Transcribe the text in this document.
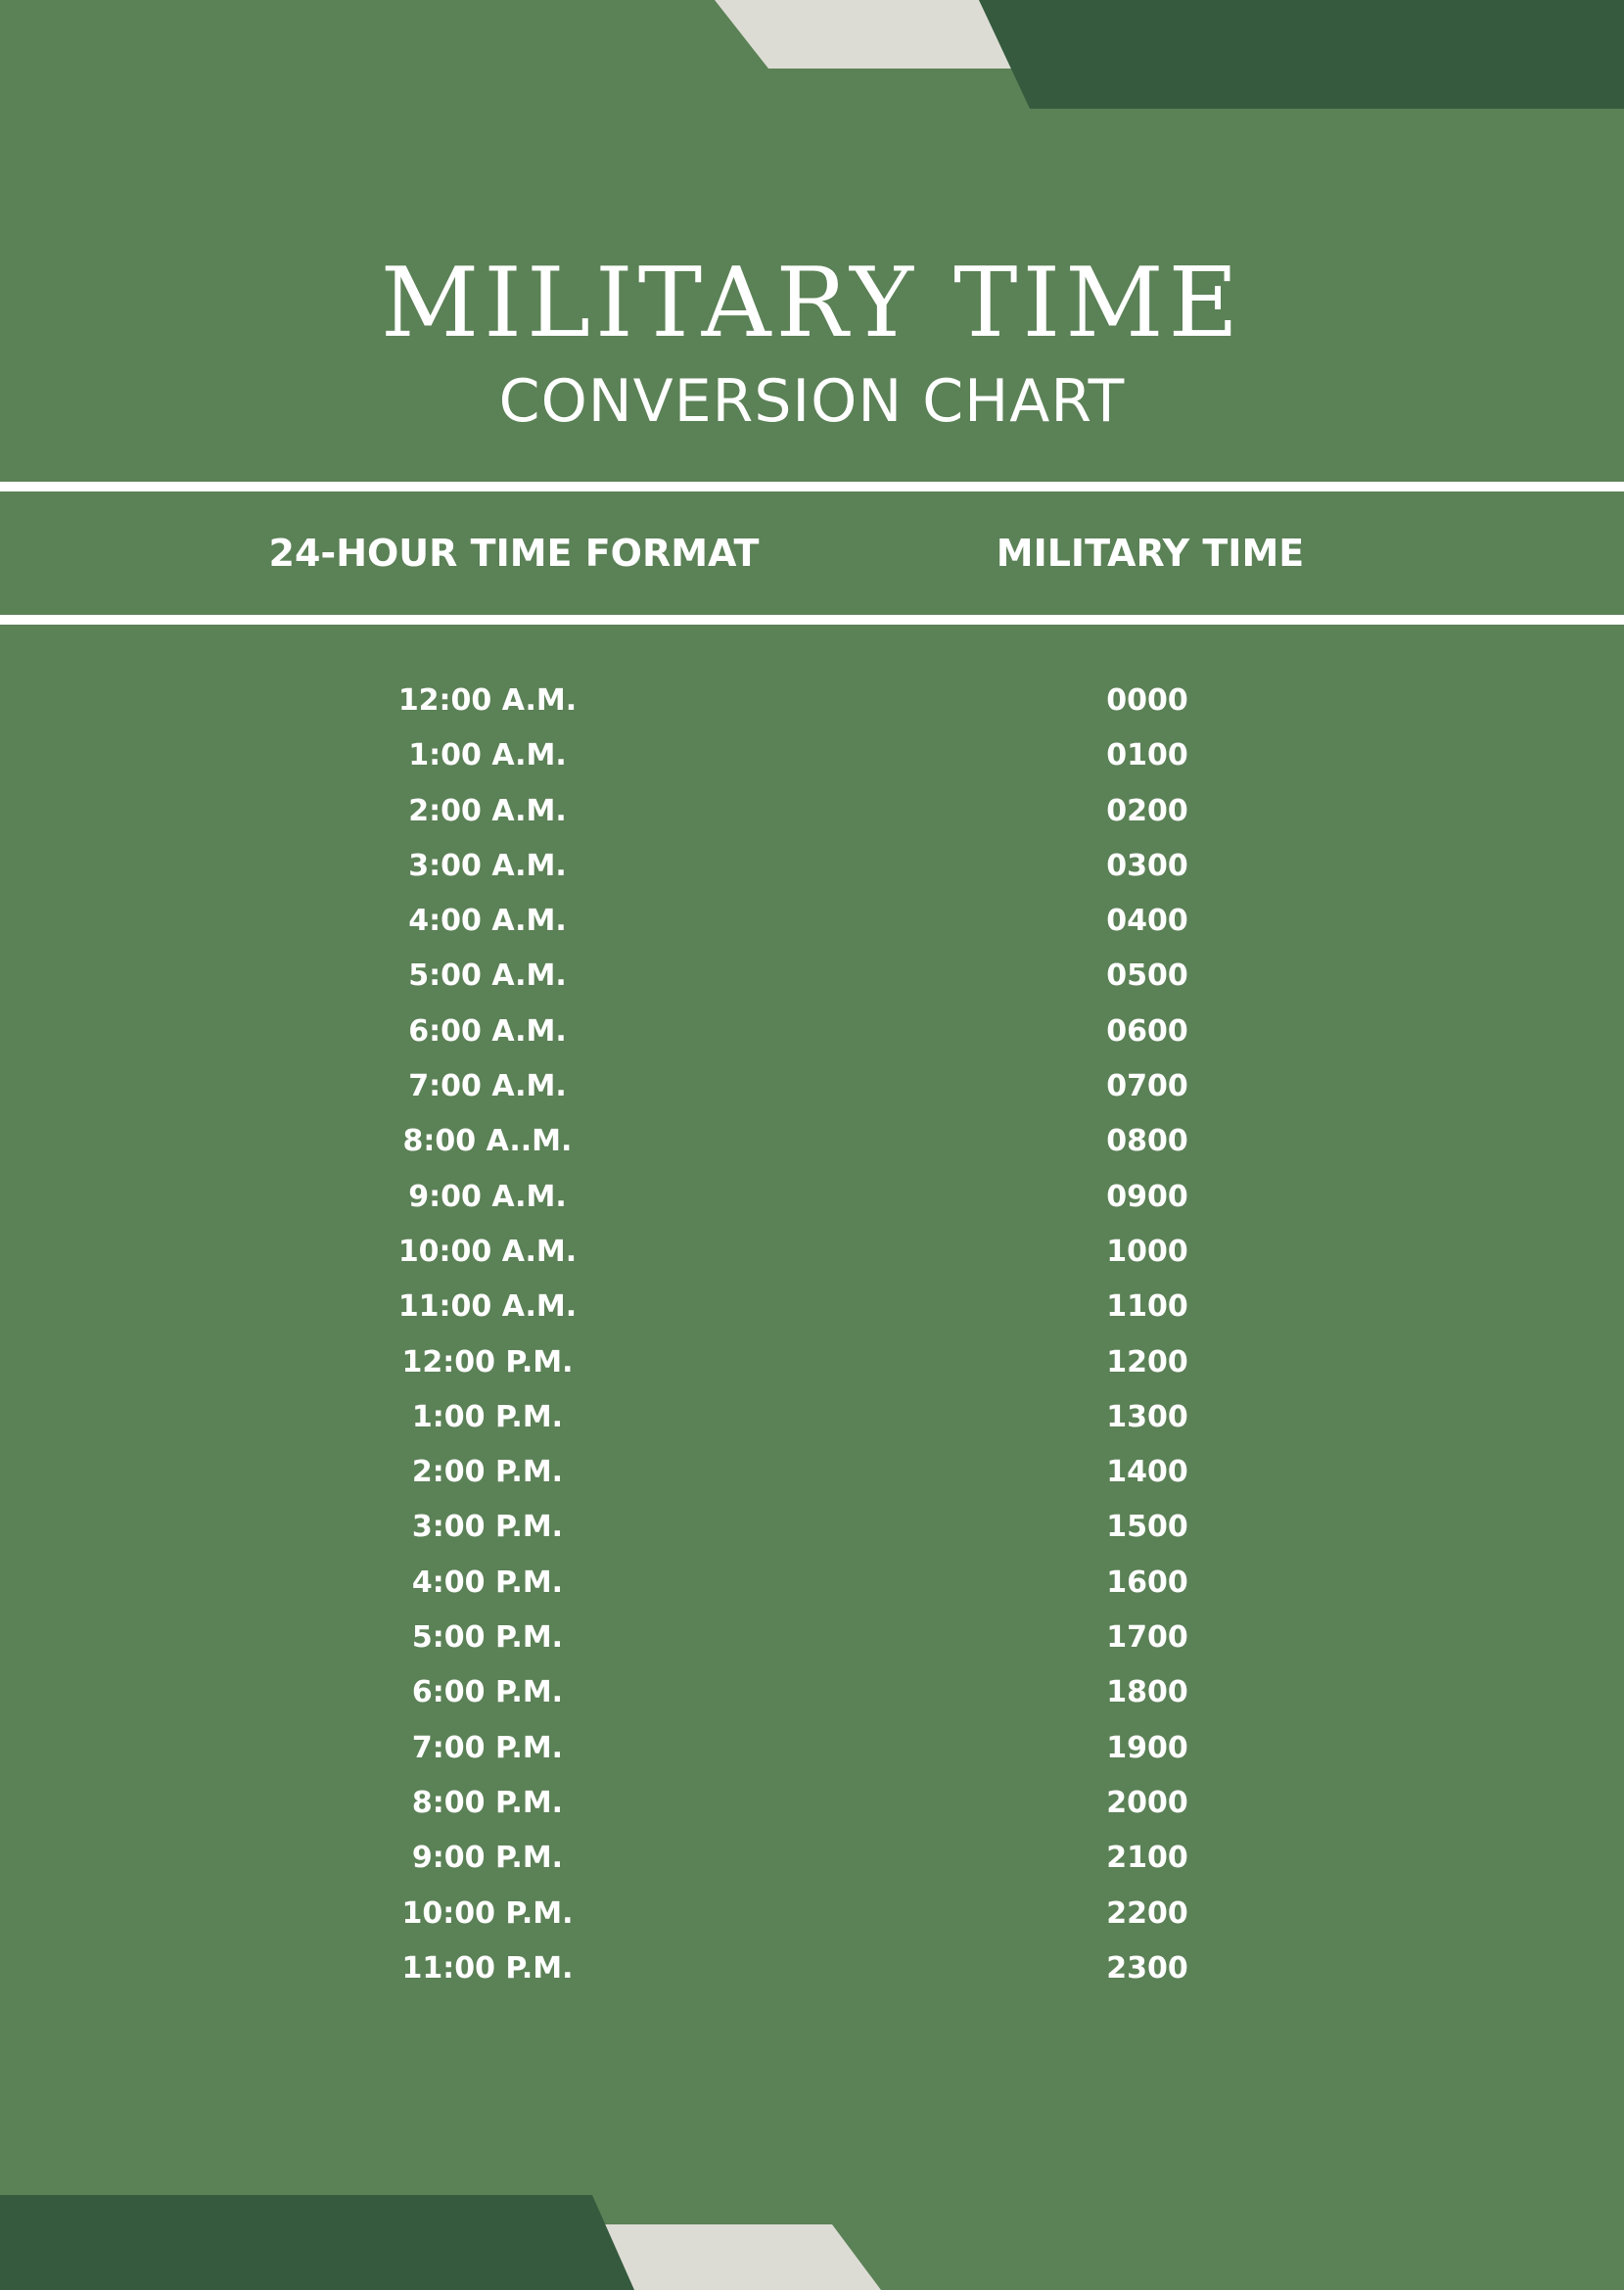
MILITARY TIME
CONVERSION CHART
24-HOUR TIME FORMAT	MILITARY TIME
12:00 A.M.	0000
1:00 A.M.	0100
2:00 A.M.	0200
3:00 A.M.	0300
4:00 A.M.	0400
5:00 A.M.	0500
6:00 A.M.	0600
7:00 A.M.	0700
8:00 A..M.	0800
9:00 A.M.	0900
10:00 A.M.	1000
11:00 A.M.	1100
12:00 P.M.	1200
1:00 P.M.	1300
2:00 P.M.	1400
3:00 P.M.	1500
4:00 P.M.	1600
5:00 P.M.	1700
6:00 P.M.	1800
7:00 P.M.	1900
8:00 P.M.	2000
9:00 P.M.	2100
10:00 P.M.	2200
11:00 P.M.	2300
